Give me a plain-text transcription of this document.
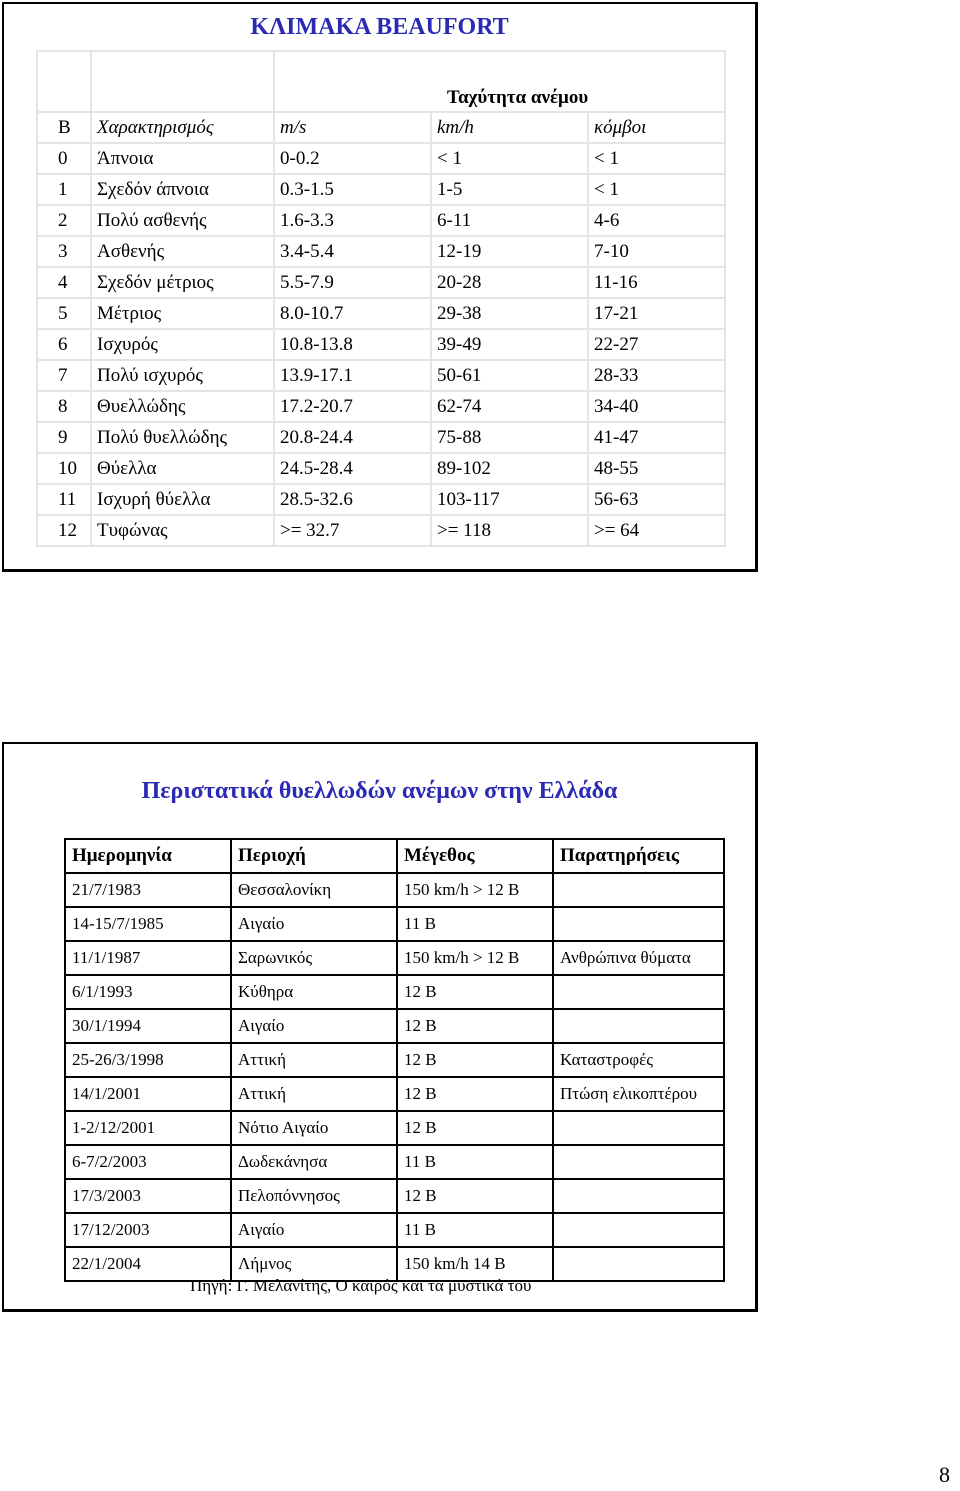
ΚΛΙΜΑΚΑ BEAUFORT
		Ταχύτητα ανέμου		
B	Χαρακτηρισμός	m/s	km/h	κόμβοι
0	Άπνοια	0-0.2	< 1	< 1
1	Σχεδόν άπνοια	0.3-1.5	1-5	< 1
2	Πολύ ασθενής	1.6-3.3	6-11	4-6
3	Ασθενής	3.4-5.4	12-19	7-10
4	Σχεδόν μέτριος	5.5-7.9	20-28	11-16
5	Μέτριος	8.0-10.7	29-38	17-21
6	Ισχυρός	10.8-13.8	39-49	22-27
7	Πολύ ισχυρός	13.9-17.1	50-61	28-33
8	Θυελλώδης	17.2-20.7	62-74	34-40
9	Πολύ θυελλώδης	20.8-24.4	75-88	41-47
10	Θύελλα	24.5-28.4	89-102	48-55
11	Ισχυρή θύελλα	28.5-32.6	103-117	56-63
12	Τυφώνας	>= 32.7	>= 118	>= 64
Περιστατικά θυελλωδών ανέμων στην Ελλάδα
Ημερομηνία	Περιοχή	Μέγεθος	Παρατηρήσεις
21/7/1983	Θεσσαλονίκη	150 km/h > 12 B	
14-15/7/1985	Αιγαίο	11 B	
11/1/1987	Σαρωνικός	150 km/h > 12 B	Ανθρώπινα θύματα
6/1/1993	Κύθηρα	12 B	
30/1/1994	Αιγαίο	12 B	
25-26/3/1998	Αττική	12 B	Καταστροφές
14/1/2001	Αττική	12 B	Πτώση ελικοπτέρου
1-2/12/2001	Νότιο Αιγαίο	12 B	
6-7/2/2003	Δωδεκάνησα	11 B	
17/3/2003	Πελοπόννησος	12 B	
17/12/2003	Αιγαίο	11 B	
22/1/2004	Λήμνος	150 km/h 14 B	
Πηγή: Γ. Μελανίτης, Ο καιρός και τα μυστικά του
8
